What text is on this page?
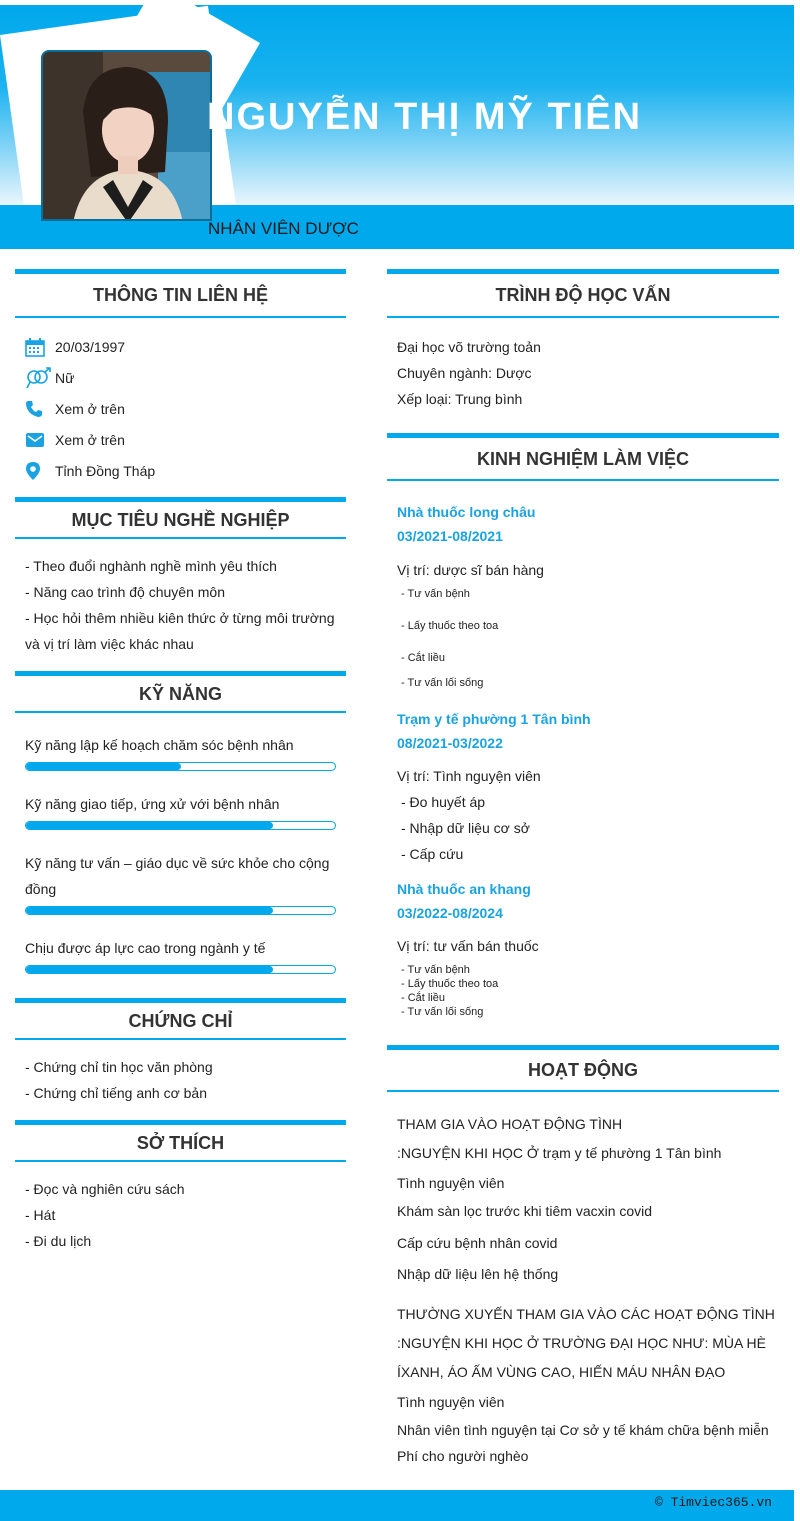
NGUYỄN THỊ MỸ TIÊN
NHÂN VIÊN DƯỢC
THÔNG TIN LIÊN HỆ
20/03/1997
Nữ
Xem ở trên
Xem ở trên
Tỉnh Đồng Tháp
MỤC TIÊU NGHỀ NGHIỆP
- Theo đuổi nghành nghề mình yêu thích
- Năng cao trình độ chuyên môn
- Học hỏi thêm nhiều kiên thức ở từng môi trường và vị trí làm việc khác nhau
KỸ NĂNG
Kỹ năng lập kế hoạch chăm sóc bệnh nhân
Kỹ năng giao tiếp, ứng xử với bệnh nhân
Kỹ năng tư vấn – giáo dục về sức khỏe cho cộng đồng
Chịu được áp lực cao trong ngành y tế
CHỨNG CHỈ
- Chứng chỉ tin học văn phòng
- Chứng chỉ tiếng anh cơ bản
SỞ THÍCH
- Đọc và nghiên cứu sách
- Hát
- Đi du lịch
TRÌNH ĐỘ HỌC VẤN
Đại học võ trường toản
Chuyên ngành: Dược
Xếp loại: Trung bình
KINH NGHIỆM LÀM VIỆC
Nhà thuốc long châu
03/2021-08/2021
Vị trí: dược sĩ bán hàng
- Tư vấn bệnh
- Lấy thuốc theo toa
- Cắt liều
- Tư vấn lối sống
Trạm y tế phường 1 Tân bình
08/2021-03/2022
Vị trí: Tình nguyện viên
- Đo huyết áp
- Nhập dữ liệu cơ sở
- Cấp cứu
Nhà thuốc an khang
03/2022-08/2024
Vị trí: tư vấn bán thuốc
- Tư vấn bệnh
- Lấy thuốc theo toa
- Cắt liều
- Tư vấn lối sống
HOẠT ĐỘNG
THAM GIA VÀO HOẠT ĐỘNG TÌNH
:NGUYỆN KHI HỌC Ở trạm y tế phường 1 Tân bình
Tình nguyện viên
Khám sàn lọc trước khi tiêm vacxin covid
Cấp cứu bệnh nhân covid
Nhập dữ liệu lên hệ thống
THƯỜNG XUYẾN THAM GIA VÀO CÁC HOẠT ĐỘNG TÌNH
:NGUYỆN KHI HỌC Ở TRƯỜNG ĐẠI HỌC NHƯ: MÙA HÈ
ÍXANH, ÁO ẤM VÙNG CAO, HIẾN MÁU NHÂN ĐẠO
Tình nguyện viên
Nhân viên tình nguyện tại Cơ sở y tế khám chữa bệnh miễn
Phí cho người nghèo
© Timviec365.vn
